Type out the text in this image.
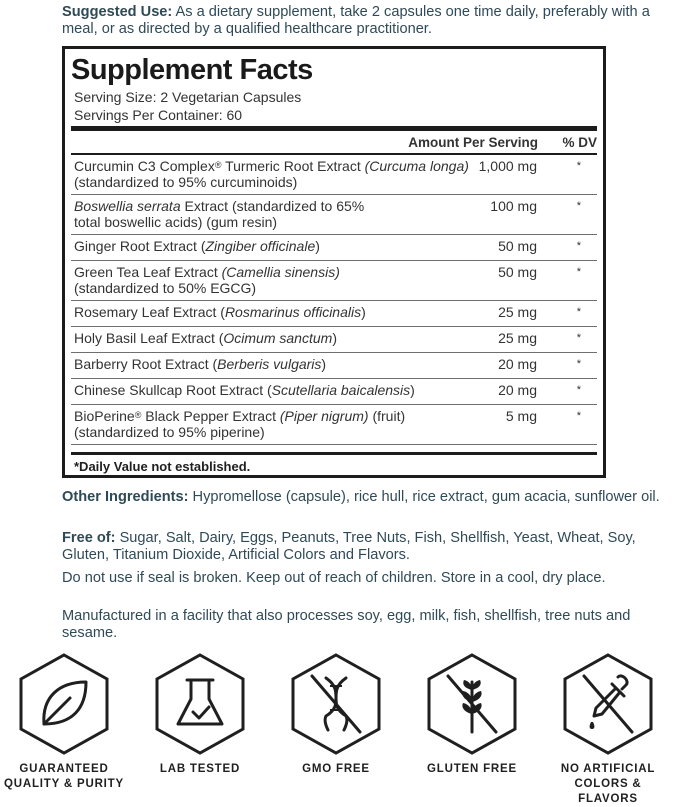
Suggested Use: As a dietary supplement, take 2 capsules one time daily, preferably with a meal, or as directed by a qualified healthcare practitioner.

Supplement Facts
Serving Size: 2 Vegetarian Capsules
Servings Per Container: 60
Amount Per Serving % DV
Curcumin C3 Complex® Turmeric Root Extract (Curcuma longa)
(standardized to 95% curcuminoids)
1,000 mg	*
Boswellia serrata Extract (standardized to 65%
total boswellic acids) (gum resin)
100 mg	*
Ginger Root Extract (Zingiber officinale)	50 mg	*
Green Tea Leaf Extract (Camellia sinensis)
(standardized to 50% EGCG)
50 mg	*
Rosemary Leaf Extract (Rosmarinus officinalis)	25 mg	*
Holy Basil Leaf Extract (Ocimum sanctum)	25 mg	*
Barberry Root Extract (Berberis vulgaris)	20 mg	*
Chinese Skullcap Root Extract (Scutellaria baicalensis)	20 mg	*
BioPerine® Black Pepper Extract (Piper nigrum) (fruit)
(standardized to 95% piperine)
5 mg	*
*Daily Value not established.

Other Ingredients: Hypromellose (capsule), rice hull, rice extract, gum acacia, sunflower oil.

Free of: Sugar, Salt, Dairy, Eggs, Peanuts, Tree Nuts, Fish, Shellfish, Yeast, Wheat, Soy, Gluten, Titanium Dioxide, Artificial Colors and Flavors.

Do not use if seal is broken. Keep out of reach of children. Store in a cool, dry place.

Manufactured in a facility that also processes soy, egg, milk, fish, shellfish, tree nuts and sesame.

GUARANTEED
QUALITY & PURITY
LAB TESTED	GMO FREE	GLUTEN FREE	NO ARTIFICIAL
COLORS & FLAVORS
